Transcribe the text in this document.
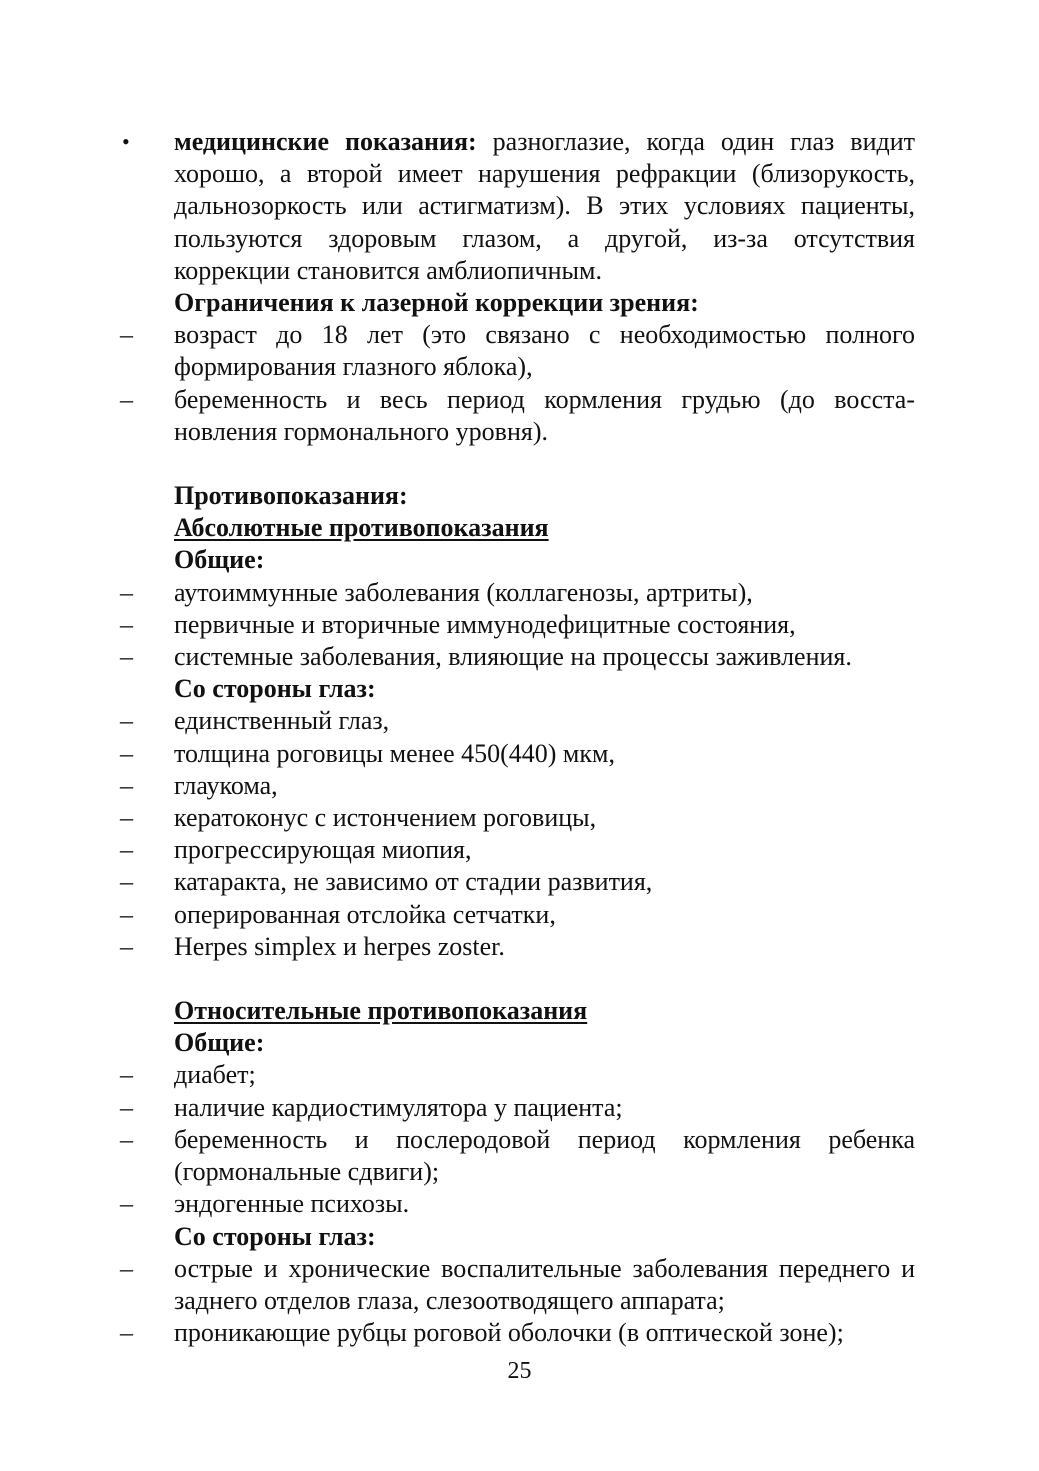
•	медицинские показания: разноглазие, когда один глаз видит хорошо, а второй имеет нарушения рефракции (близорукость, дальнозоркость или астигматизм). В этих условиях пациенты, пользуются здоровым глазом, а другой, из-за отсутствия коррекции становится амблиопичным.
Ограничения к лазерной коррекции зрения:
–	возраст до 18 лет (это связано с необходимостью полного формирования глазного яблока),
–	беременность и весь период кормления грудью (до восстановления гормонального уровня).
Противопоказания:
Абсолютные противопоказания
Общие:
–	аутоиммунные заболевания (коллагенозы, артриты),
–	первичные и вторичные иммунодефицитные состояния,
–	системные заболевания, влияющие на процессы заживления.
Со стороны глаз:
–	единственный глаз,
–	толщина роговицы менее 450(440) мкм,
–	глаукома,
–	кератоконус с истончением роговицы,
–	прогрессирующая миопия,
–	катаракта, не зависимо от стадии развития,
–	оперированная отслойка сетчатки,
–	Herpes simplex и herpes zoster.
Относительные противопоказания
Общие:
–	диабет;
–	наличие кардиостимулятора у пациента;
–	беременность и послеродовой период кормления ребенка (гормональные сдвиги);
–	эндогенные психозы.
Со стороны глаз:
–	острые и хронические воспалительные заболевания переднего и заднего отделов глаза, слезоотводящего аппарата;
–	проникающие рубцы роговой оболочки (в оптической зоне);
25
